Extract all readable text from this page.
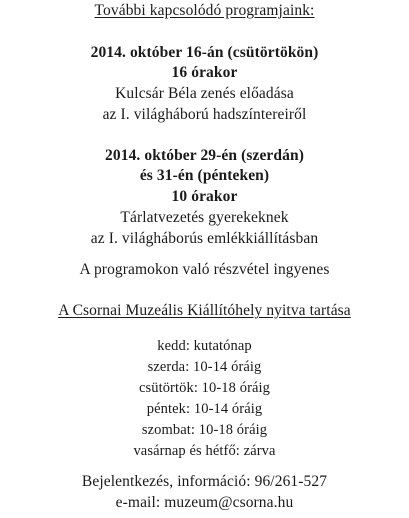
További kapcsolódó programjaink:
2014. október 16-án (csütörtökön)
16 órakor
Kulcsár Béla zenés előadása
az I. világháború hadszíntereiről
2014. október 29-én (szerdán)
és 31-én (pénteken)
10 órakor
Tárlatvezetés gyerekeknek
az I. világháborús emlékkiállításban
A programokon való részvétel ingyenes
A Csornai Muzeális Kiállítóhely nyitva tartása
kedd: kutatónap
szerda: 10-14 óráig
csütörtök: 10-18 óráig
péntek: 10-14 óráig
szombat: 10-18 óráig
vasárnap és hétfő: zárva
Bejelentkezés, információ: 96/261-527
e-mail: muzeum@csorna.hu
